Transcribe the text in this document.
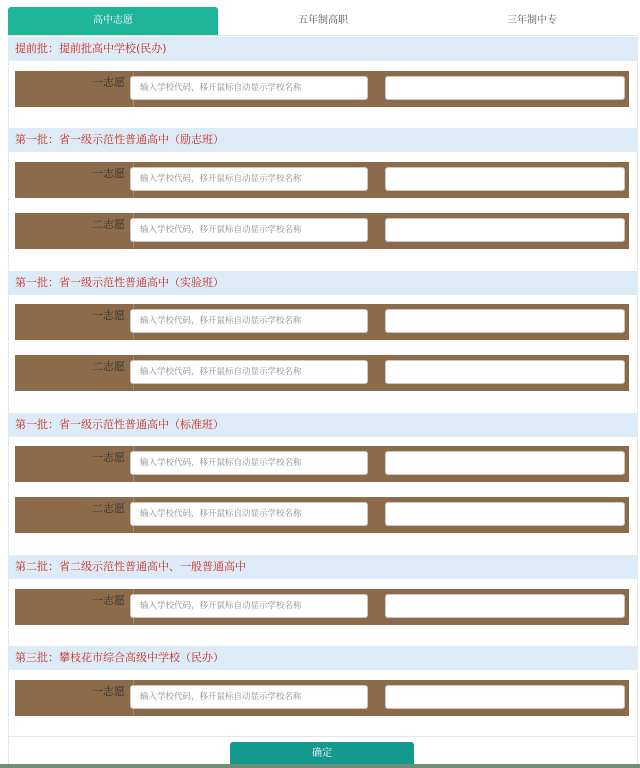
高中志愿	五年制高职	三年制中专
提前批：提前批高中学校(民办)
一志愿
输入学校代码，移开鼠标自动显示学校名称
第一批：省一级示范性普通高中（励志班）
一志愿
输入学校代码，移开鼠标自动显示学校名称
二志愿
输入学校代码，移开鼠标自动显示学校名称
第一批：省一级示范性普通高中（实验班）
一志愿
输入学校代码，移开鼠标自动显示学校名称
二志愿
输入学校代码，移开鼠标自动显示学校名称
第一批：省一级示范性普通高中（标准班）
一志愿
输入学校代码，移开鼠标自动显示学校名称
二志愿
输入学校代码，移开鼠标自动显示学校名称
第二批：省二级示范性普通高中、一般普通高中
一志愿
输入学校代码，移开鼠标自动显示学校名称
第三批：攀枝花市综合高级中学校（民办）
一志愿
输入学校代码，移开鼠标自动显示学校名称
确定
